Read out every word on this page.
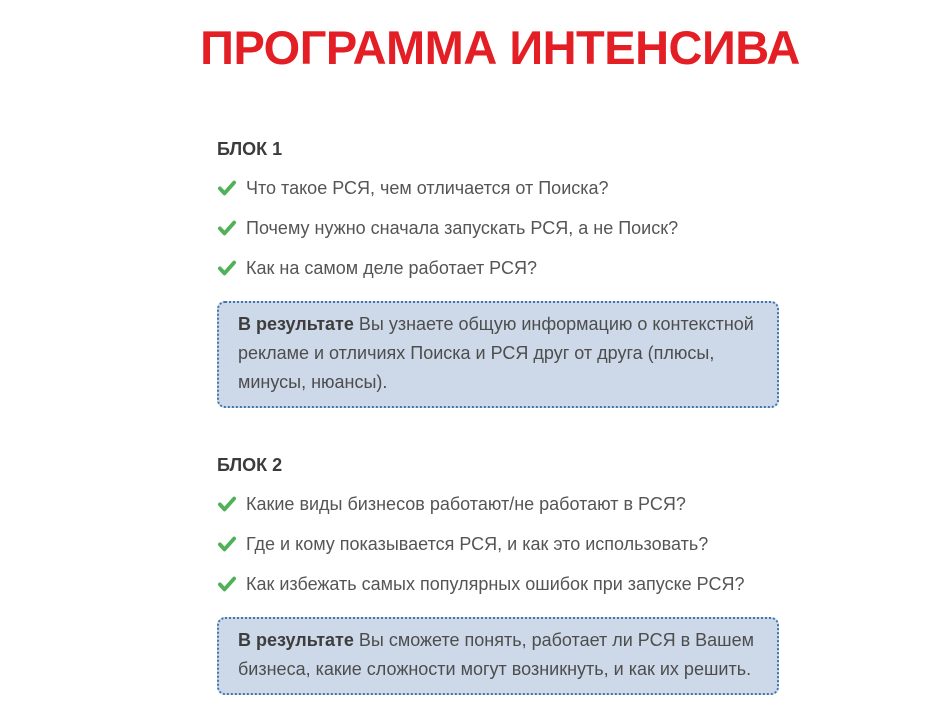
ПРОГРАММА ИНТЕНСИВА
БЛОК 1
Что такое РСЯ, чем отличается от Поиска?
Почему нужно сначала запускать РСЯ, а не Поиск?
Как на самом деле работает РСЯ?
В результате Вы узнаете общую информацию о контекстной рекламе и отличиях Поиска и РСЯ друг от друга (плюсы, минусы, нюансы).
БЛОК 2
Какие виды бизнесов работают/не работают в РСЯ?
Где и кому показывается РСЯ, и как это использовать?
Как избежать самых популярных ошибок при запуске РСЯ?
В результате Вы сможете понять, работает ли РСЯ в Вашем бизнеса, какие сложности могут возникнуть, и как их решить.
